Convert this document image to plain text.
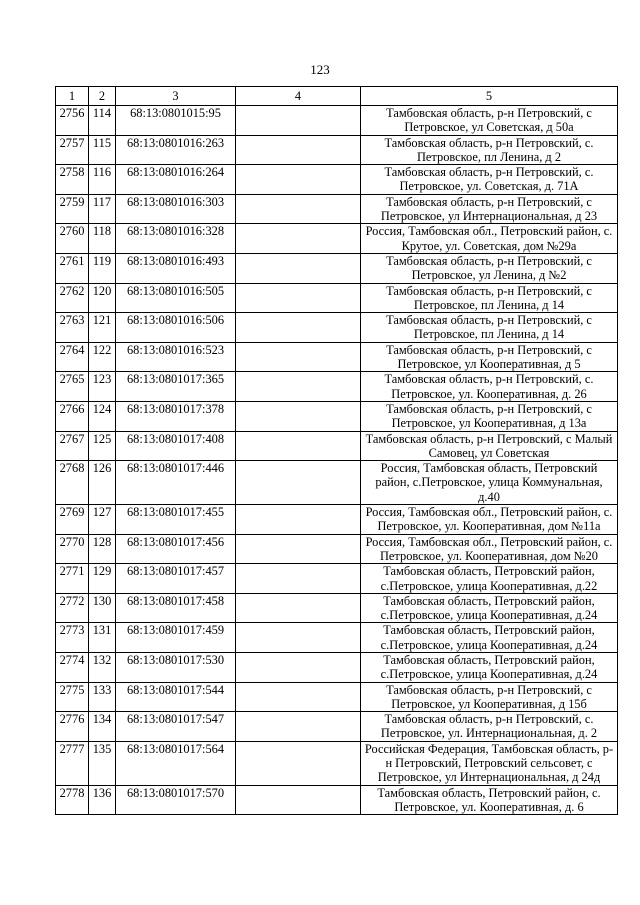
123
1	2	3	4	5
2756	114	68:13:0801015:95		Тамбовская область, р-н Петровский, с Петровское, ул Советская, д 50а
2757	115	68:13:0801016:263		Тамбовская область, р-н Петровский, с. Петровское, пл Ленина, д 2
2758	116	68:13:0801016:264		Тамбовская область, р-н Петровский, с. Петровское, ул. Советская, д. 71А
2759	117	68:13:0801016:303		Тамбовская область, р-н Петровский, с Петровское, ул Интернациональная, д 23
2760	118	68:13:0801016:328		Россия, Тамбовская обл., Петровский район, с. Крутое, ул. Советская, дом №29а
2761	119	68:13:0801016:493		Тамбовская область, р-н Петровский, с Петровское, ул Ленина, д №2
2762	120	68:13:0801016:505		Тамбовская область, р-н Петровский, с Петровское, пл Ленина, д 14
2763	121	68:13:0801016:506		Тамбовская область, р-н Петровский, с Петровское, пл Ленина, д 14
2764	122	68:13:0801016:523		Тамбовская область, р-н Петровский, с Петровское, ул Кооперативная, д 5
2765	123	68:13:0801017:365		Тамбовская область, р-н Петровский, с. Петровское, ул. Кооперативная, д. 26
2766	124	68:13:0801017:378		Тамбовская область, р-н Петровский, с Петровское, ул Кооперативная, д 13а
2767	125	68:13:0801017:408		Тамбовская область, р-н Петровский, с Малый Самовец, ул Советская
2768	126	68:13:0801017:446		Россия, Тамбовская область, Петровский район, с.Петровское, улица Коммунальная, д.40
2769	127	68:13:0801017:455		Россия, Тамбовская обл., Петровский район, с. Петровское, ул. Кооперативная, дом №11а
2770	128	68:13:0801017:456		Россия, Тамбовская обл., Петровский район, с. Петровское, ул. Кооперативная, дом №20
2771	129	68:13:0801017:457		Тамбовская область, Петровский район, с.Петровское, улица Кооперативная, д.22
2772	130	68:13:0801017:458		Тамбовская область, Петровский район, с.Петровское, улица Кооперативная, д.24
2773	131	68:13:0801017:459		Тамбовская область, Петровский район, с.Петровское, улица Кооперативная, д.24
2774	132	68:13:0801017:530		Тамбовская область, Петровский район, с.Петровское, улица Кооперативная, д.24
2775	133	68:13:0801017:544		Тамбовская область, р-н Петровский, с Петровское, ул Кооперативная, д 15б
2776	134	68:13:0801017:547		Тамбовская область, р-н Петровский, с. Петровское, ул. Интернациональная, д. 2
2777	135	68:13:0801017:564		Российская Федерация, Тамбовская область, р-н Петровский, Петровский сельсовет, с Петровское, ул Интернациональная, д 24д
2778	136	68:13:0801017:570		Тамбовская область, Петровский район, с. Петровское, ул. Кооперативная, д. 6
